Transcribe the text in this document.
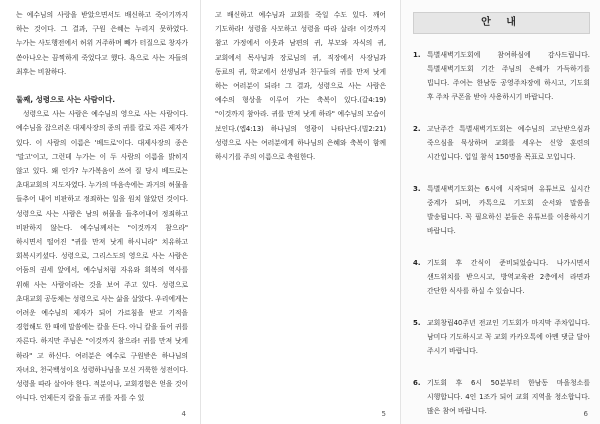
는 예수님의 사랑을 받았으면서도 배신하고 죽이기까지 하는 것이다. 그 결과, 구원 은혜는 누리지 못하였다. 누가는 사도행전에서 허위 거주하며 빼가 터질으로 창자가 쏟아나오는 끔찍하게 죽었다고 했다. 욕으로 사는 자들의 최후는 비참하다.

둘째, 성령으로 사는 사람이다.

성령으로 사는 사람은 예수님의 영으로 사는 사람이다. 예수님을 잡으러온 대제사장의 종의 귀를 칼로 자른 제자가 있다. 이 사람의 이름은 '베드로'이다. 대제사장의 종은 '말고'이고, 그런데 누가는 이 두 사람의 이름을 밝히지 않고 있다. 왜 인가? 누가복음이 쓰여 질 당시 베드로는 초대교회의 지도자였다. 누가의 마음속에는 과거의 허물을 들추어 내어 비판하고 정죄하는 일을 원치 않았던 것이다. 성령으로 사는 사람은 남의 허물을 들추어내어 정죄하고 비판하지 않는다. 예수님께서는 "이것까지 참으라" 하시면서 떨어진 "귀를 만져 낫게 하시니라" 치유하고 회복시키셨다. 성령으로, 그리스도의 영으로 사는 사람은 어둠의 권세 앞에서, 예수님처럼 자유와 회복의 역사를 위해 사는 사람이라는 것을 보여 주고 있다. 성령으로 초대교회 공동체는 성령으로 사는 삶을 살았다. 우리에게는 어려운 예수님의 제자가 되어 가르침을 받고 기적을 경험해도 한 때에 말씀에는 칼을 든다. 아니 칼을 들어 귀를 자른다. 하지만 주님은 "이것까지 참으라! 귀를 만져 낫게 하라" 고 하신다. 여러분은 예수로 구원받은 하나님의 자녀요, 천국백성이요 성령하나님을 모신 거룩한 성전이다. 성령을 따라 살아야 한다. 적분이나, 교회경험은 얻을 것이 아니다. 언제든지 칼을 들고 귀를 자를 수 있

4

고 배신하고 예수님과 교회를 죽일 수도 있다. 깨어 기도하라! 성령을 사모하고 성령을 따라 살라! 이것까지 참고 가정에서 이웃과 남편의 귀, 부모와 자식의 귀, 교회에서 목사님과 장로님의 귀, 직장에서 사장님과 동료의 귀, 학교에서 선생님과 친구들의 귀를 만져 낫게 하는 여러분이 되라! 그 결과, 성령으로 사는 사람은 예수의 형상을 이루어 가는 축복이 있다.(갈4:19) "이것까지 참아라. 귀를 만져 낫게 하라" 예수님의 모습이 보인다.(엡4:13) 하나님의 영광이 나타난다.(빌2:21) 성령으로 사는 여러분에게 하나님의 은혜와 축복이 함께 하시기를 주의 이름으로 축원한다.

5
안 내
1. 특별새벽기도회에 참여하심에 감사드립니다. 특별새벽기도회 기간 주님의 은혜가 가득하기를 빕니다. 주여는 한남동 공영주차장에 하시고, 기도회 후 주차 쿠폰을 받아 사용하시기 바랍니다.
2. 고난주간 특별새벽기도회는 예수님의 고난받으심과 죽으심을 묵상하며 교회를 세우는 신앙 훈련의 시간입니다. 입일 참석 150명을 목표로 모입니다.
3. 특별새벽기도회는 6시에 시작되며 유튜브로 실시간 중계가 되며, 카톡으로 기도회 순서와 말씀을 발송됩니다. 꼭 필요하신 분들은 유튜브를 이용하시기 바랍니다.
4. 기도회 후 간식이 준비되었습니다. 나가시면서 샌드위치를 받으시고, 방역교육관 2층에서 라면과 간단한 식사를 하실 수 있습니다.
5. 교회창립40주년 전교인 기도회가 마지막 주차입니다. 남미다 기도하시고 꼭 교회 카카오톡에 아멘 댓글 달아 주시기 바랍니다.
6. 기도회 후 6시 50분부터 한남동 마을청소를 시행합니다. 4인 1조가 되어 교회 지역을 청소합니다. 많은 참여 바랍니다.	6
